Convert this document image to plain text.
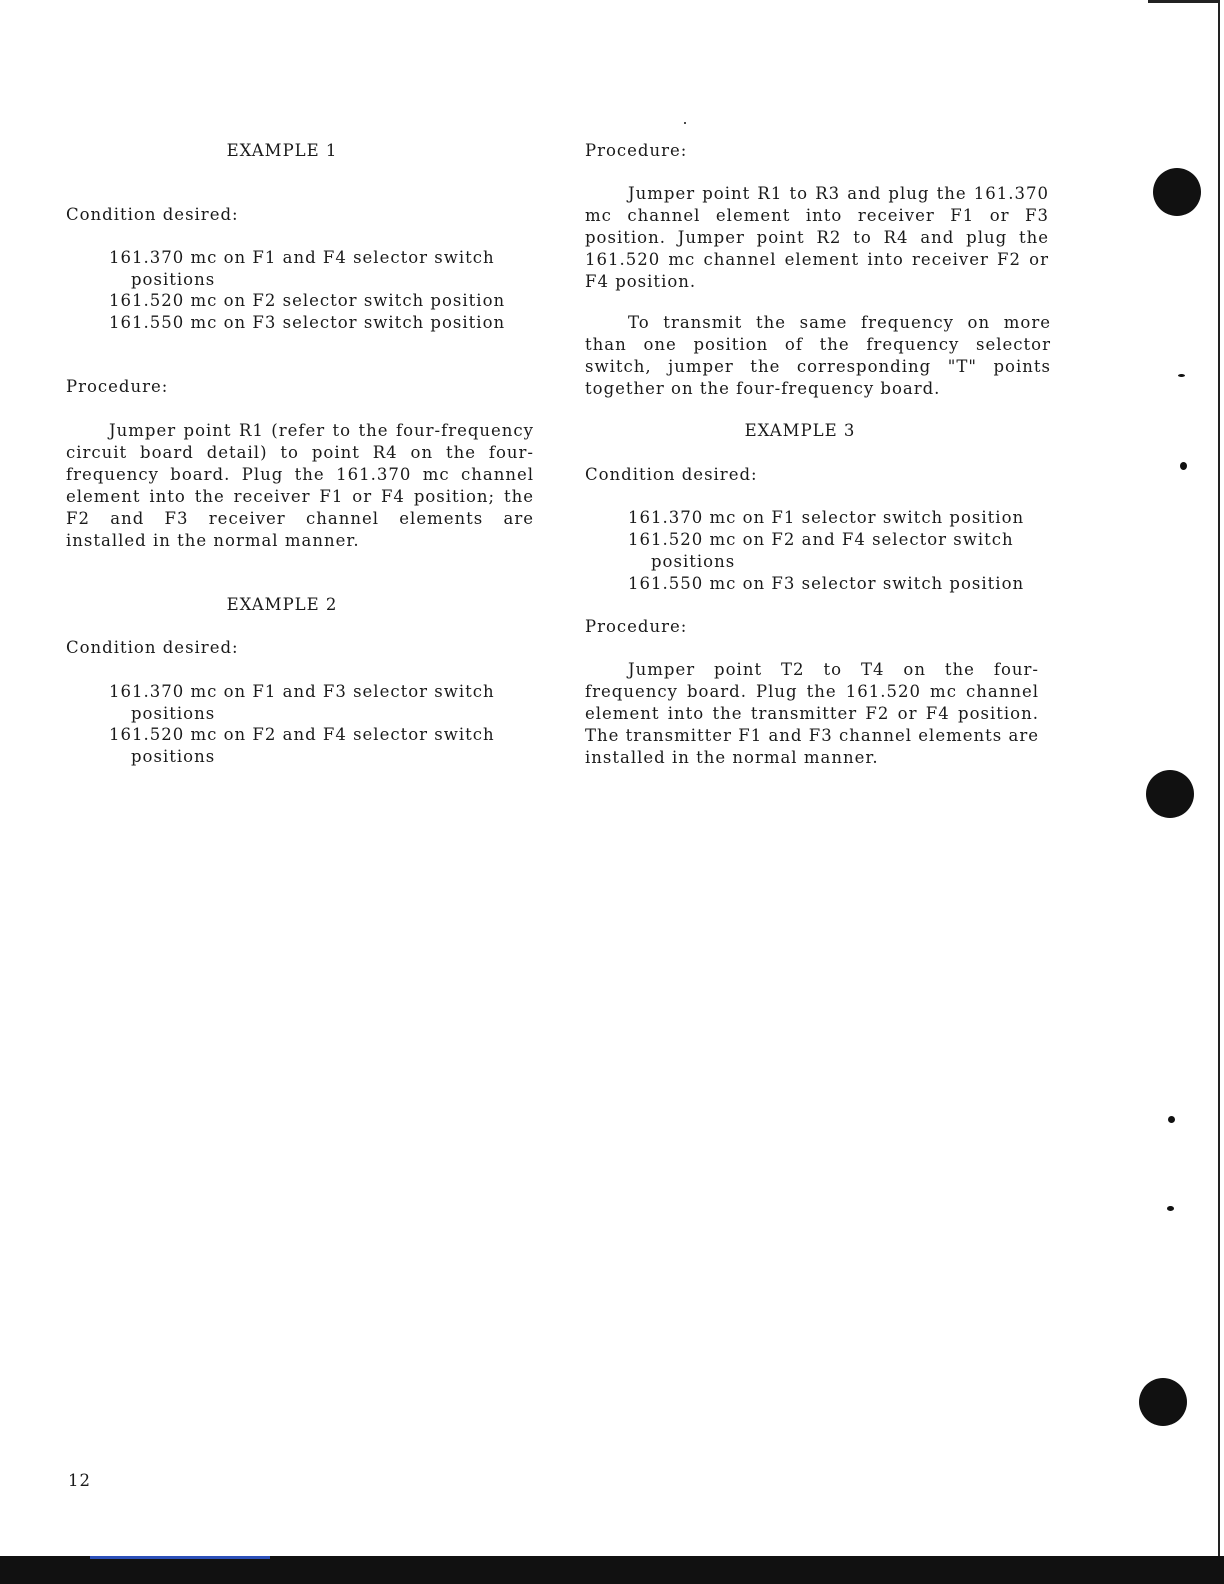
EXAMPLE 1

Condition desired:

161.370 mc on F1 and F4 selector switch

positions

161.520 mc on F2 selector switch position

161.550 mc on F3 selector switch position

Procedure:

Jumper point R1 (refer to the four-frequency circuit board detail) to point R4 on the four-frequency board. Plug the 161.370 mc channel element into the receiver F1 or F4 position; the F2 and F3 receiver channel elements are installed in the normal manner.

EXAMPLE 2

Condition desired:

161.370 mc on F1 and F3 selector switch

positions

161.520 mc on F2 and F4 selector switch

positions

Procedure:

Jumper point R1 to R3 and plug the 161.370 mc channel element into receiver F1 or F3 position. Jumper point R2 to R4 and plug the 161.520 mc channel element into receiver F2 or F4 position.

To transmit the same frequency on more than one position of the frequency selector switch, jumper the corresponding "T" points together on the four-frequency board.

EXAMPLE 3

Condition desired:

161.370 mc on F1 selector switch position

161.520 mc on F2 and F4 selector switch

positions

161.550 mc on F3 selector switch position

Procedure:

Jumper point T2 to T4 on the four-frequency board. Plug the 161.520 mc channel element into the transmitter F2 or F4 position. The transmitter F1 and F3 channel elements are installed in the normal manner.

12
